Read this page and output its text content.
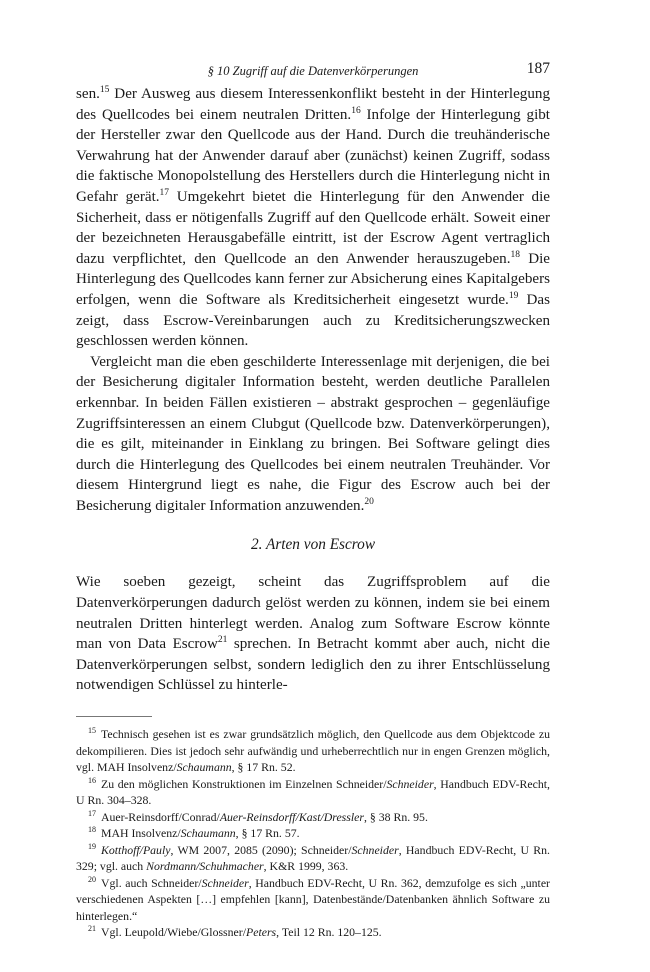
§ 10 Zugriff auf die Datenverkörperungen	187

sen.$^{15}$ Der Ausweg aus diesem Interessenkonflikt besteht in der Hinterlegung des Quellcodes bei einem neutralen Dritten.$^{16}$ Infolge der Hinterlegung gibt der Hersteller zwar den Quellcode aus der Hand. Durch die treuhänderische Verwahrung hat der Anwender darauf aber (zunächst) keinen Zugriff, sodass die faktische Monopolstellung des Herstellers durch die Hinterlegung nicht in Gefahr gerät.$^{17}$ Umgekehrt bietet die Hinterlegung für den Anwender die Sicherheit, dass er nötigenfalls Zugriff auf den Quellcode erhält. Soweit einer der bezeichneten Herausgabefälle eintritt, ist der Escrow Agent vertraglich dazu verpflichtet, den Quellcode an den Anwender herauszugeben.$^{18}$ Die Hinterlegung des Quellcodes kann ferner zur Absicherung eines Kapitalgebers erfolgen, wenn die Software als Kreditsicherheit eingesetzt wurde.$^{19}$ Das zeigt, dass Escrow-Vereinbarungen auch zu Kreditsicherungszwecken geschlossen werden können.

Vergleicht man die eben geschilderte Interessenlage mit derjenigen, die bei der Besicherung digitaler Information besteht, werden deutliche Parallelen erkennbar. In beiden Fällen existieren – abstrakt gesprochen – gegenläufige Zugriffsinteressen an einem Clubgut (Quellcode bzw. Datenverkörperungen), die es gilt, miteinander in Einklang zu bringen. Bei Software gelingt dies durch die Hinterlegung des Quellcodes bei einem neutralen Treuhänder. Vor diesem Hintergrund liegt es nahe, die Figur des Escrow auch bei der Besicherung digitaler Information anzuwenden.$^{20}$

2. Arten von Escrow

Wie soeben gezeigt, scheint das Zugriffsproblem auf die Datenverkörperungen dadurch gelöst werden zu können, indem sie bei einem neutralen Dritten hinterlegt werden. Analog zum Software Escrow könnte man von Data Escrow$^{21}$ sprechen. In Betracht kommt aber auch, nicht die Datenverkörperungen selbst, sondern lediglich den zu ihrer Entschlüsselung notwendigen Schlüssel zu hinterle-

$^{15}$ Technisch gesehen ist es zwar grundsätzlich möglich, den Quellcode aus dem Objektcode zu dekompilieren. Dies ist jedoch sehr aufwändig und urheberrechtlich nur in engen Grenzen möglich, vgl. MAH Insolvenz/Schaumann, § 17 Rn. 52.

$^{16}$ Zu den möglichen Konstruktionen im Einzelnen Schneider/Schneider, Handbuch EDV-Recht, U Rn. 304–328.

$^{17}$ Auer-Reinsdorff/Conrad/Auer-Reinsdorff/Kast/Dressler, § 38 Rn. 95.

$^{18}$ MAH Insolvenz/Schaumann, § 17 Rn. 57.

$^{19}$ Kotthoff/Pauly, WM 2007, 2085 (2090); Schneider/Schneider, Handbuch EDV-Recht, U Rn. 329; vgl. auch Nordmann/Schuhmacher, K&R 1999, 363.

$^{20}$ Vgl. auch Schneider/Schneider, Handbuch EDV-Recht, U Rn. 362, demzufolge es sich „unter verschiedenen Aspekten […] empfehlen [kann], Datenbestände/Datenbanken ähnlich Software zu hinterlegen.“

$^{21}$ Vgl. Leupold/Wiebe/Glossner/Peters, Teil 12 Rn. 120–125.
